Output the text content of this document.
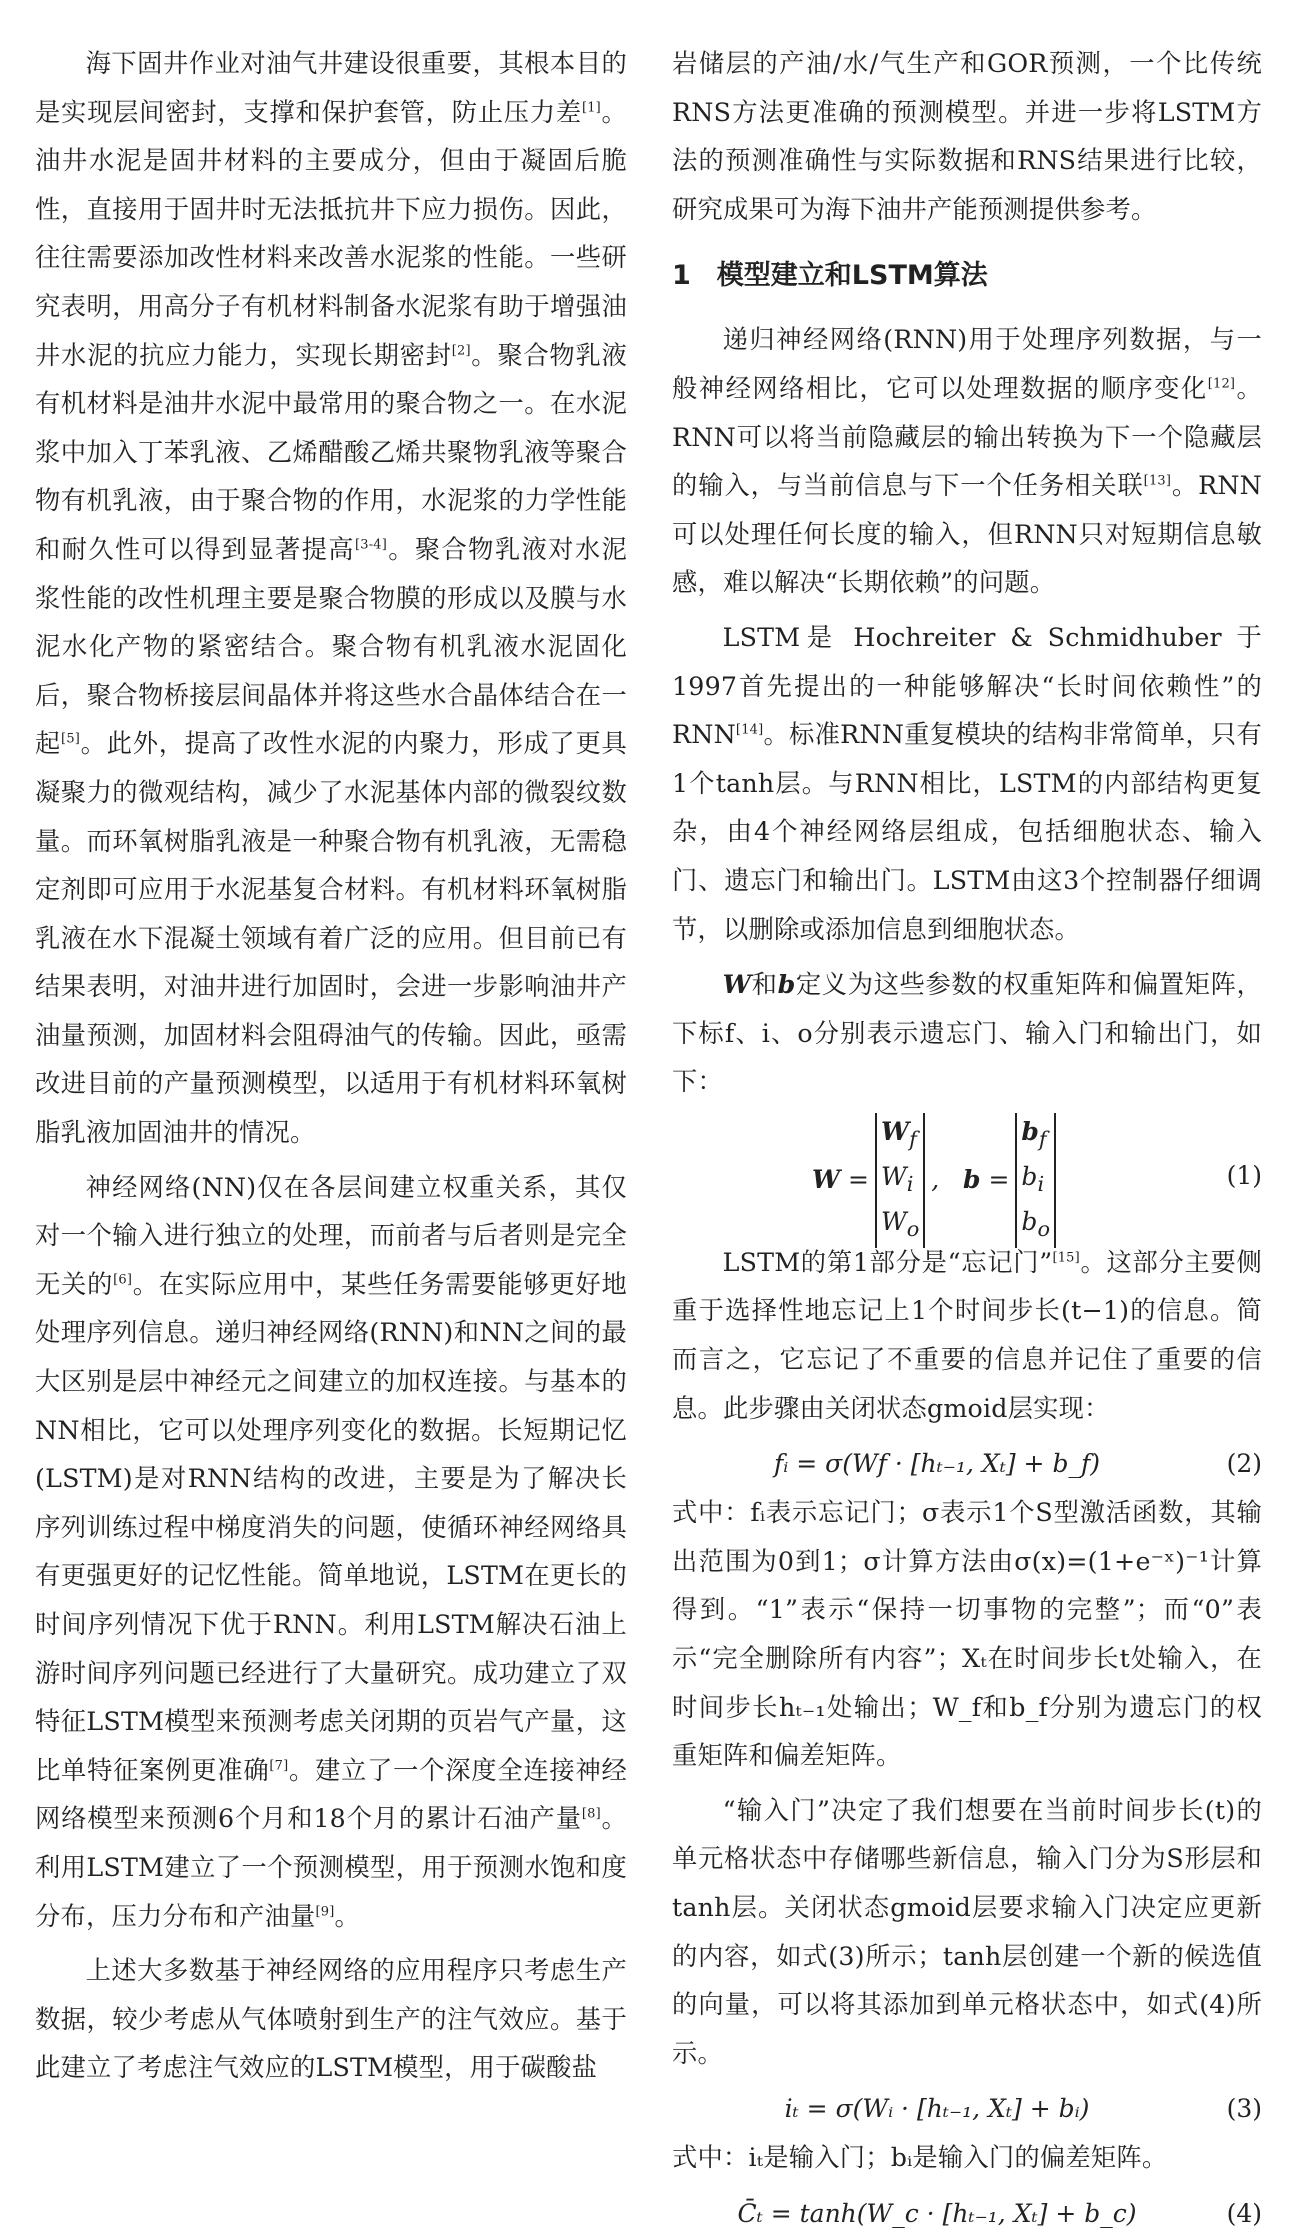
海下固井作业对油气井建设很重要，其根本目的是实现层间密封，支撑和保护套管，防止压力差[1]。油井水泥是固井材料的主要成分，但由于凝固后脆性，直接用于固井时无法抵抗井下应力损伤。因此，往往需要添加改性材料来改善水泥浆的性能。一些研究表明，用高分子有机材料制备水泥浆有助于增强油井水泥的抗应力能力，实现长期密封[2]。聚合物乳液有机材料是油井水泥中最常用的聚合物之一。在水泥浆中加入丁苯乳液、乙烯醋酸乙烯共聚物乳液等聚合物有机乳液，由于聚合物的作用，水泥浆的力学性能和耐久性可以得到显著提高[3-4]。聚合物乳液对水泥浆性能的改性机理主要是聚合物膜的形成以及膜与水泥水化产物的紧密结合。聚合物有机乳液水泥固化后，聚合物桥接层间晶体并将这些水合晶体结合在一起[5]。此外，提高了改性水泥的内聚力，形成了更具凝聚力的微观结构，减少了水泥基体内部的微裂纹数量。而环氧树脂乳液是一种聚合物有机乳液，无需稳定剂即可应用于水泥基复合材料。有机材料环氧树脂乳液在水下混凝土领域有着广泛的应用。但目前已有结果表明，对油井进行加固时，会进一步影响油井产油量预测，加固材料会阻碍油气的传输。因此，亟需改进目前的产量预测模型，以适用于有机材料环氧树脂乳液加固油井的情况。

神经网络(NN)仅在各层间建立权重关系，其仅对一个输入进行独立的处理，而前者与后者则是完全无关的[6]。在实际应用中，某些任务需要能够更好地处理序列信息。递归神经网络(RNN)和NN之间的最大区别是层中神经元之间建立的加权连接。与基本的NN相比，它可以处理序列变化的数据。长短期记忆(LSTM)是对RNN结构的改进，主要是为了解决长序列训练过程中梯度消失的问题，使循环神经网络具有更强更好的记忆性能。简单地说，LSTM在更长的时间序列情况下优于RNN。利用LSTM解决石油上游时间序列问题已经进行了大量研究。成功建立了双特征LSTM模型来预测考虑关闭期的页岩气产量，这比单特征案例更准确[7]。建立了一个深度全连接神经网络模型来预测6个月和18个月的累计石油产量[8]。利用LSTM建立了一个预测模型，用于预测水饱和度分布，压力分布和产油量[9]。

上述大多数基于神经网络的应用程序只考虑生产数据，较少考虑从气体喷射到生产的注气效应。基于此建立了考虑注气效应的LSTM模型，用于碳酸盐

岩储层的产油/水/气生产和GOR预测，一个比传统RNS方法更准确的预测模型。并进一步将LSTM方法的预测准确性与实际数据和RNS结果进行比较，研究成果可为海下油井产能预测提供参考。

1 模型建立和LSTM算法

递归神经网络(RNN)用于处理序列数据，与一般神经网络相比，它可以处理数据的顺序变化[12]。RNN可以将当前隐藏层的输出转换为下一个隐藏层的输入，与当前信息与下一个任务相关联[13]。RNN可以处理任何长度的输入，但RNN只对短期信息敏感，难以解决“长期依赖”的问题。

LSTM是 Hochreiter & Schmidhuber 于1997首先提出的一种能够解决“长时间依赖性”的 RNN[14]。标准RNN重复模块的结构非常简单，只有1个tanh层。与RNN相比，LSTM的内部结构更复杂，由4个神经网络层组成，包括细胞状态、输入门、遗忘门和输出门。LSTM由这3个控制器仔细调节，以删除或添加信息到细胞状态。

W和b定义为这些参数的权重矩阵和偏置矩阵，下标f、i、o分别表示遗忘门、输入门和输出门，如下：

W =
$W_f$
$W_i$
$W_o$
, b =
$b_f$
$b_i$
$b_o$
(1)

LSTM的第1部分是“忘记门”[15]。这部分主要侧重于选择性地忘记上1个时间步长(t−1)的信息。简而言之，它忘记了不重要的信息并记住了重要的信息。此步骤由关闭状态gmoid层实现：

fᵢ = σ(Wf · [hₜ₋₁, Xₜ] + b_f)	(2)

式中：fᵢ表示忘记门；σ表示1个S型激活函数，其输出范围为0到1；σ计算方法由σ(x)=(1+e⁻ˣ)⁻¹计算得到。“1”表示“保持一切事物的完整”；而“0”表示“完全删除所有内容”；Xₜ在时间步长t处输入，在时间步长hₜ₋₁处输出；W_f和b_f分别为遗忘门的权重矩阵和偏差矩阵。

“输入门”决定了我们想要在当前时间步长(t)的单元格状态中存储哪些新信息，输入门分为S形层和tanh层。关闭状态gmoid层要求输入门决定应更新的内容，如式(3)所示；tanh层创建一个新的候选值的向量，可以将其添加到单元格状态中，如式(4)所示。

iₜ = σ(Wᵢ · [hₜ₋₁, Xₜ] + bᵢ)	(3)

式中：iₜ是输入门；bᵢ是输入门的偏差矩阵。

C̄ₜ = tanh(W_c · [hₜ₋₁, Xₜ] + b_c)	(4)
